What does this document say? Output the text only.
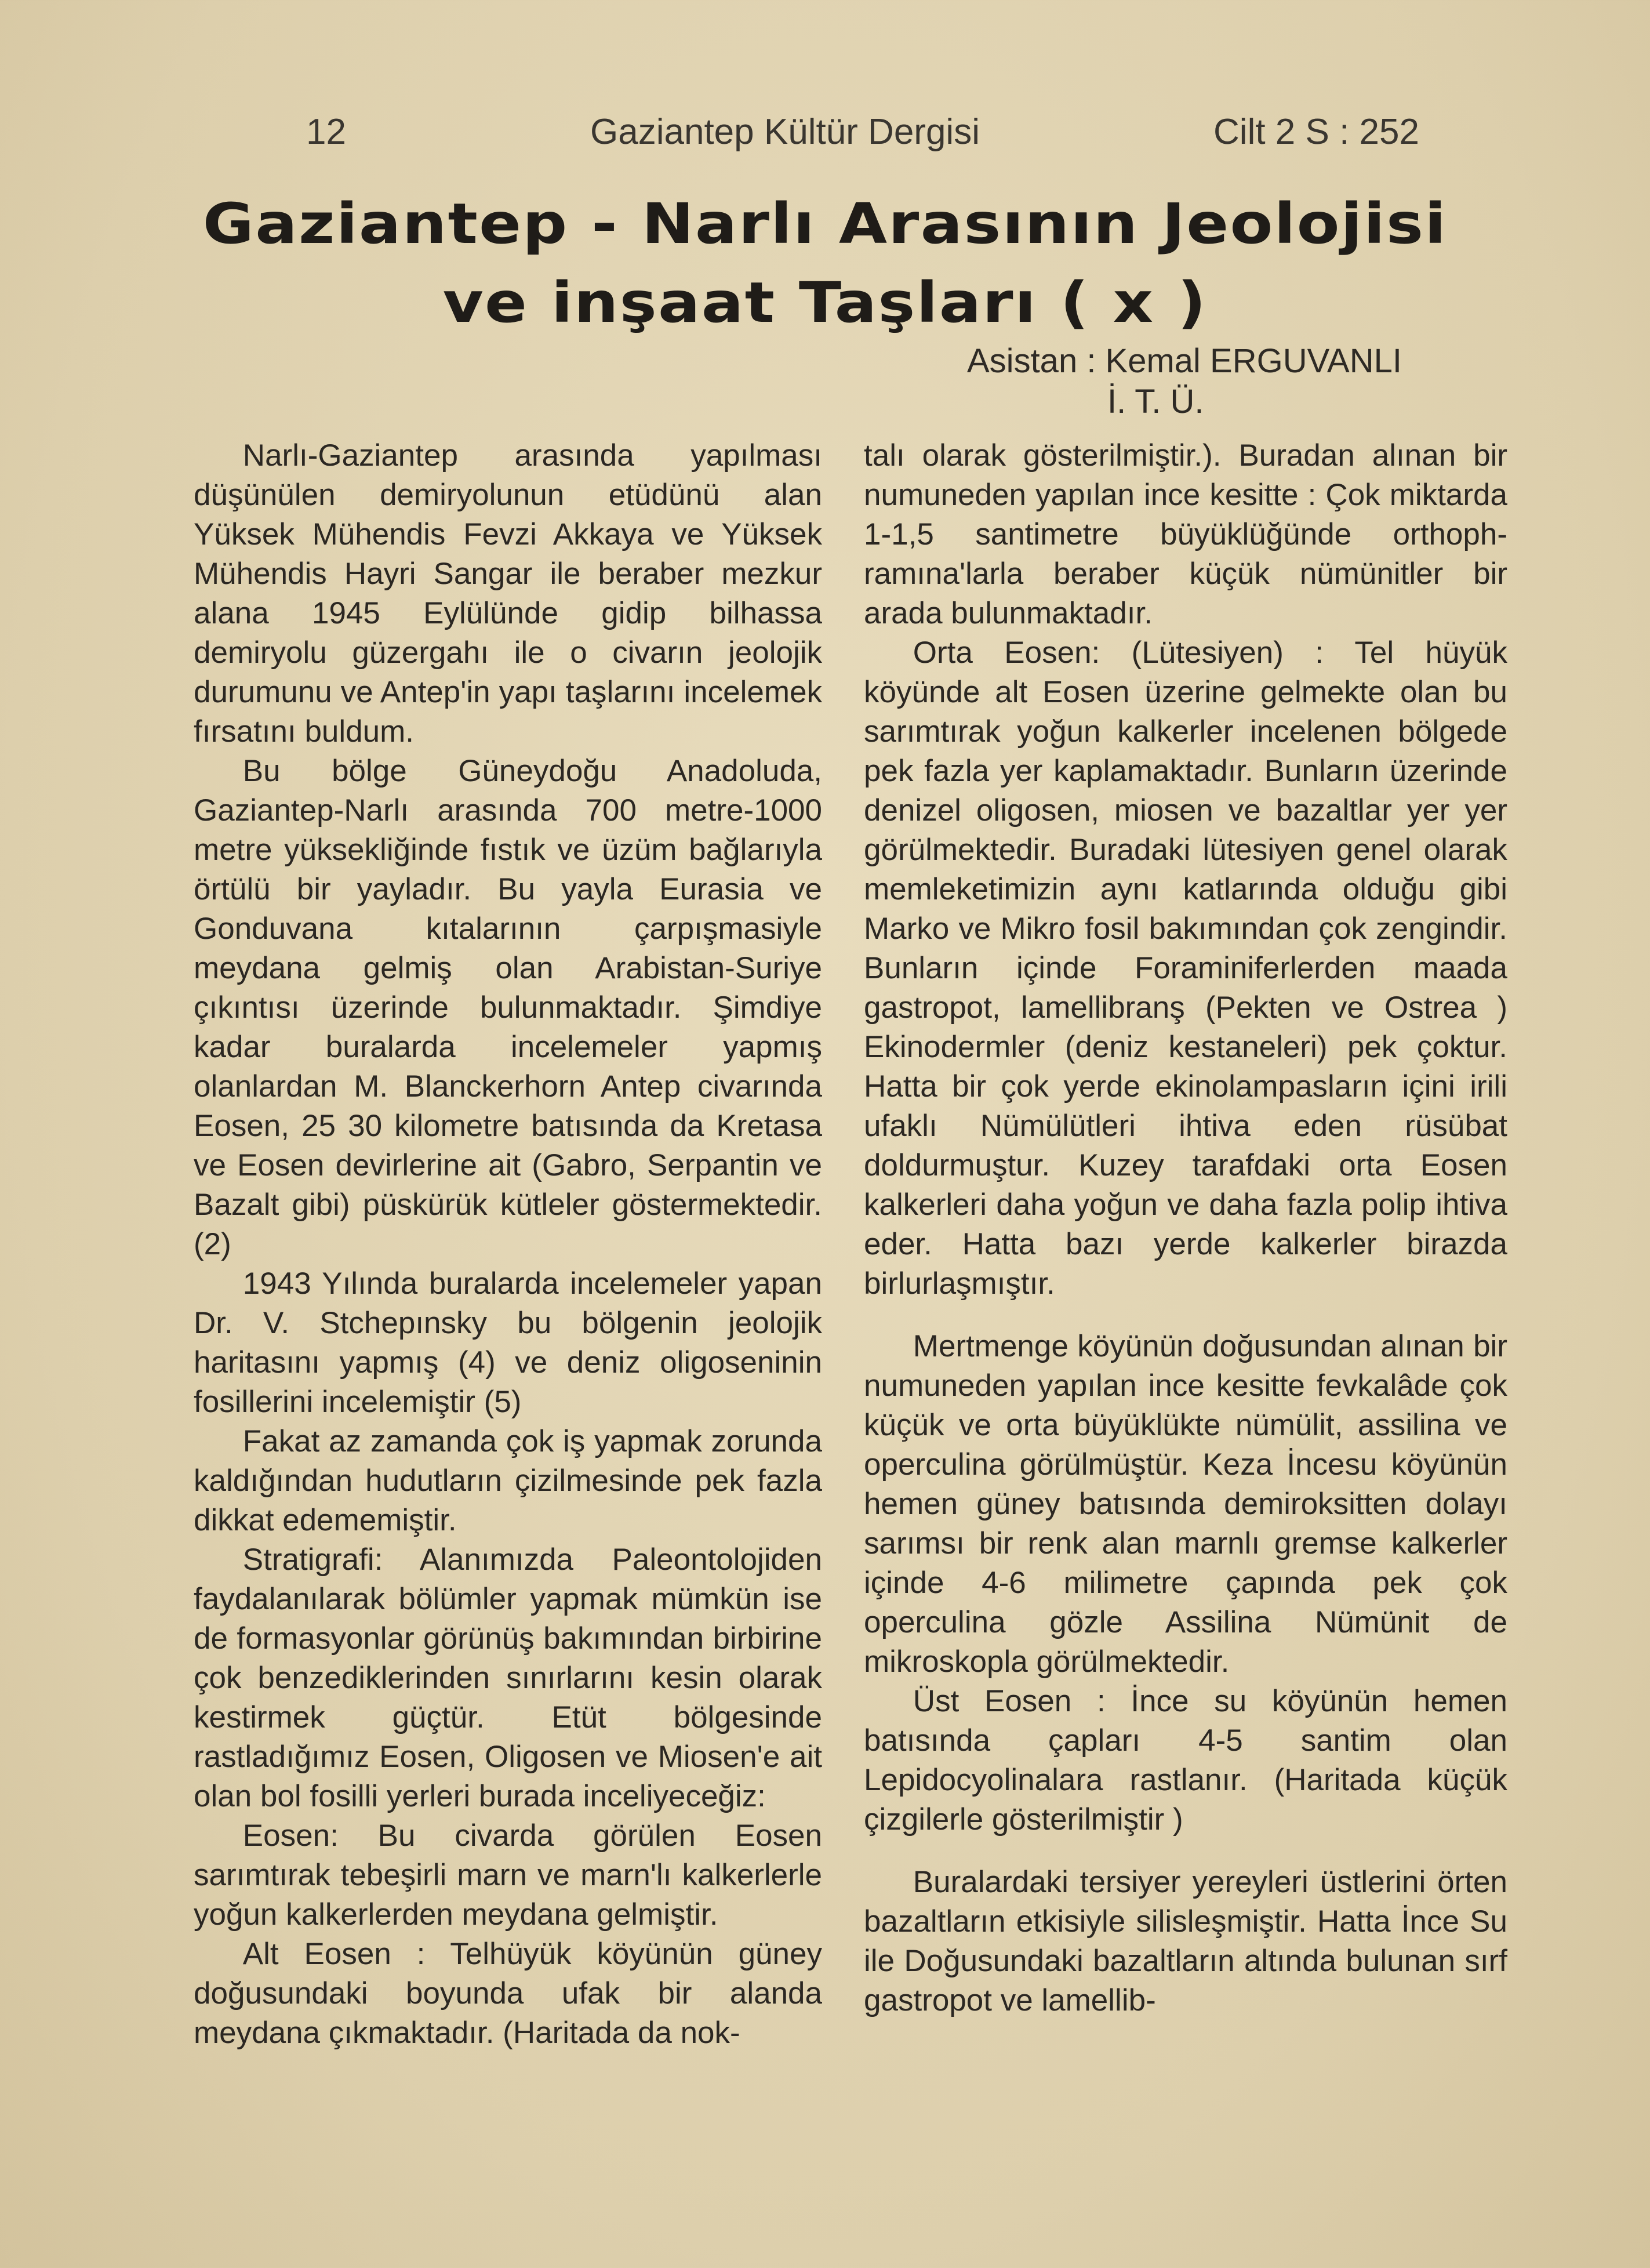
12	Gaziantep Kültür Dergisi	Cilt 2 S : 252
Gaziantep - Narlı Arasının Jeolojisi
ve inşaat Taşları ( x )
Asistan : Kemal ERGUVANLI
İ. T. Ü.

Narlı-Gaziantep arasında yapılması düşünülen demiryolunun etüdünü alan Yüksek Mühendis Fevzi Akkaya ve Yüksek Mühendis Hayri Sangar ile beraber mezkur alana 1945 Eylülünde gidip bilhassa demiryolu güzergahı ile o civarın jeolojik durumunu ve Antep'in yapı taşlarını incelemek fırsatını buldum.

Bu bölge Güneydoğu Anadoluda, Gaziantep-Narlı arasında 700 metre-1000 metre yüksekliğinde fıstık ve üzüm bağlarıyla örtülü bir yayladır. Bu yayla Eurasia ve Gonduvana kıtalarının çarpışmasiyle meydana gelmiş olan Arabistan-Suriye çıkıntısı üzerinde bulunmaktadır. Şimdiye kadar buralarda incelemeler yapmış olanlardan M. Blanckerhorn Antep civarında Eosen, 25 30 kilometre batısında da Kretasa ve Eosen devirlerine ait (Gabro, Serpantin ve Bazalt gibi) püskürük kütleler göstermektedir. (2)

1943 Yılında buralarda incelemeler yapan Dr. V. Stchepınsky bu bölgenin jeolojik haritasını yapmış (4) ve deniz oligoseninin fosillerini incelemiştir (5)

Fakat az zamanda çok iş yapmak zorunda kaldığından hudutların çizilmesinde pek fazla dikkat edememiştir.

Stratigrafi: Alanımızda Paleontolojiden faydalanılarak bölümler yapmak mümkün ise de formasyonlar görünüş bakımından birbirine çok benzediklerinden sınırlarını kesin olarak kestirmek güçtür. Etüt bölgesinde rastladığımız Eosen, Oligosen ve Miosen'e ait olan bol fosilli yerleri burada inceliyeceğiz:

Eosen: Bu civarda görülen Eosen sarımtırak tebeşirli marn ve marn'lı kalkerlerle yoğun kalkerlerden meydana gelmiştir.

Alt Eosen : Telhüyük köyünün güney doğusundaki boyunda ufak bir alanda meydana çıkmaktadır. (Haritada da nok-

talı olarak gösterilmiştir.). Buradan alınan bir numuneden yapılan ince kesitte : Çok miktarda 1-1,5 santimetre büyüklüğünde orthoph-ramına'larla beraber küçük nümünitler bir arada bulunmaktadır.

Orta Eosen: (Lütesiyen) : Tel hüyük köyünde alt Eosen üzerine gelmekte olan bu sarımtırak yoğun kalkerler incelenen bölgede pek fazla yer kaplamaktadır. Bunların üzerinde denizel oligosen, miosen ve bazaltlar yer yer görülmektedir. Buradaki lütesiyen genel olarak memleketimizin aynı katlarında olduğu gibi Marko ve Mikro fosil bakımından çok zengindir. Bunların içinde Foraminiferlerden maada gastropot, lamellibranş (Pekten ve Ostrea ) Ekinodermler (deniz kestaneleri) pek çoktur. Hatta bir çok yerde ekinolampasların içini irili ufaklı Nümülütleri ihtiva eden rüsübat doldurmuştur. Kuzey tarafdaki orta Eosen kalkerleri daha yoğun ve daha fazla polip ihtiva eder. Hatta bazı yerde kalkerler birazda birlurlaşmıştır.

Mertmenge köyünün doğusundan alınan bir numuneden yapılan ince kesitte fevkalâde çok küçük ve orta büyüklükte nümülit, assilina ve operculina görülmüştür. Keza İncesu köyünün hemen güney batısında demiroksitten dolayı sarımsı bir renk alan marnlı gremse kalkerler içinde 4-6 milimetre çapında pek çok operculina gözle Assilina Nümünit de mikroskopla görülmektedir.

Üst Eosen : İnce su köyünün hemen batısında çapları 4-5 santim olan Lepidocyolinalara rastlanır. (Haritada küçük çizgilerle gösterilmiştir )

Buralardaki tersiyer yereyleri üstlerini örten bazaltların etkisiyle silisleşmiştir. Hatta İnce Su ile Doğusundaki bazaltların altında bulunan sırf gastropot ve lamellib-
